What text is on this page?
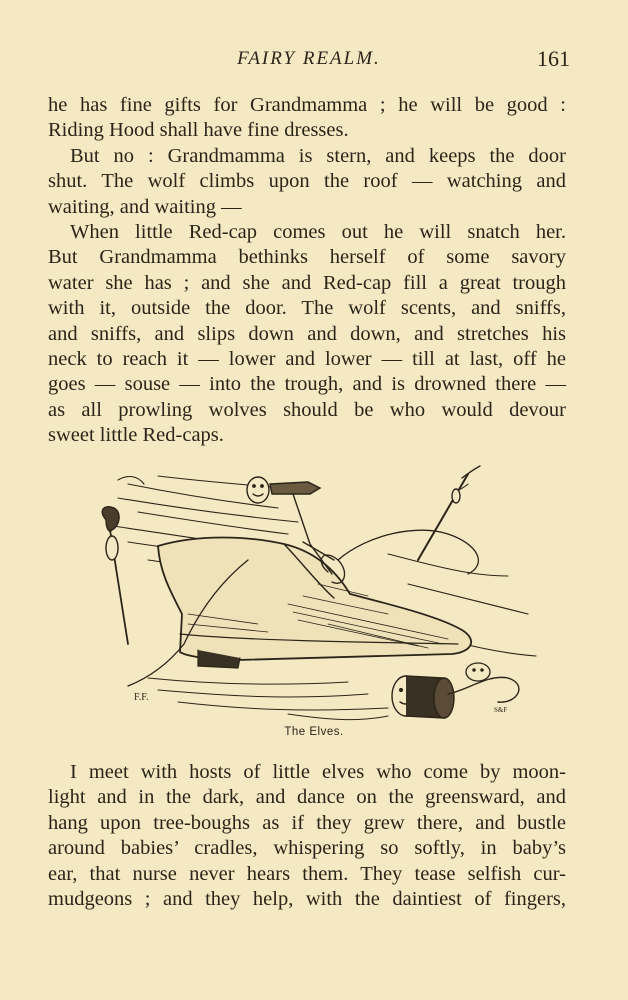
FAIRY REALM.	161
he has fine gifts for Grandmamma ; he will be good :
Riding Hood shall have fine dresses.
But no : Grandmamma is stern, and keeps the door
shut. The wolf climbs upon the roof — watching and
waiting, and waiting —
When little Red-cap comes out he will snatch her.
But Grandmamma bethinks herself of some savory
water she has ; and she and Red-cap fill a great trough
with it, outside the door. The wolf scents, and sniffs,
and sniffs, and slips down and down, and stretches his
neck to reach it — lower and lower — till at last, off he
goes — souse — into the trough, and is drowned there —
as all prowling wolves should be who would devour
sweet little Red-caps.
F.F.
S&F
The Elves.
I meet with hosts of little elves who come by moon-
light and in the dark, and dance on the greensward, and
hang upon tree-boughs as if they grew there, and bustle
around babies’ cradles, whispering so softly, in baby’s
ear, that nurse never hears them. They tease selfish cur-
mudgeons ; and they help, with the daintiest of fingers,
